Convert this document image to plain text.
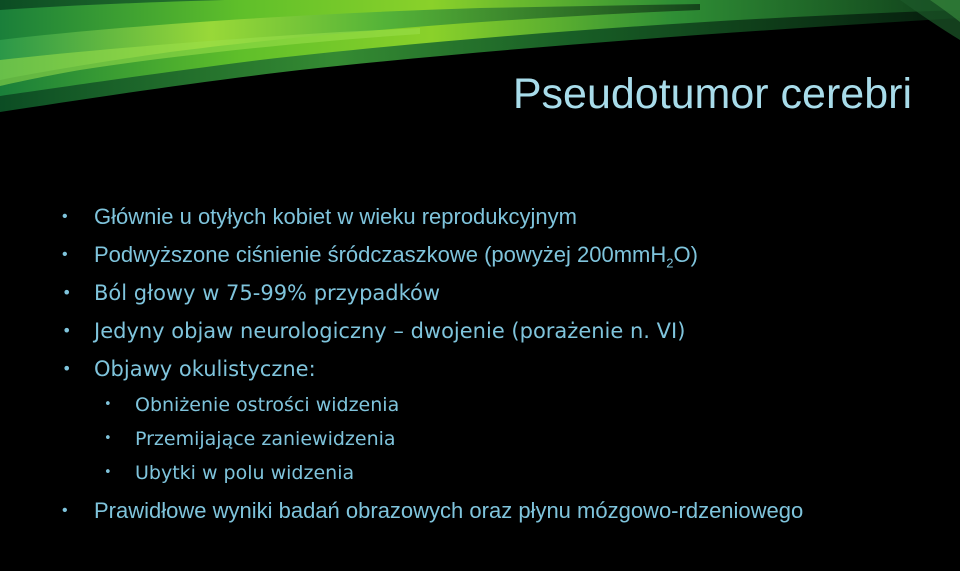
Pseudotumor cerebri
• Głównie u otyłych kobiet w wieku reprodukcyjnym
• Podwyższone ciśnienie śródczaszkowe (powyżej 200mmH$_2$O)
• Ból głowy w 75-99% przypadków
• Jedyny objaw neurologiczny – dwojenie (porażenie n. VI)
• Objawy okulistyczne:
• Obniżenie ostrości widzenia
• Przemijające zaniewidzenia
• Ubytki w polu widzenia
• Prawidłowe wyniki badań obrazowych oraz płynu mózgowo-rdzeniowego
